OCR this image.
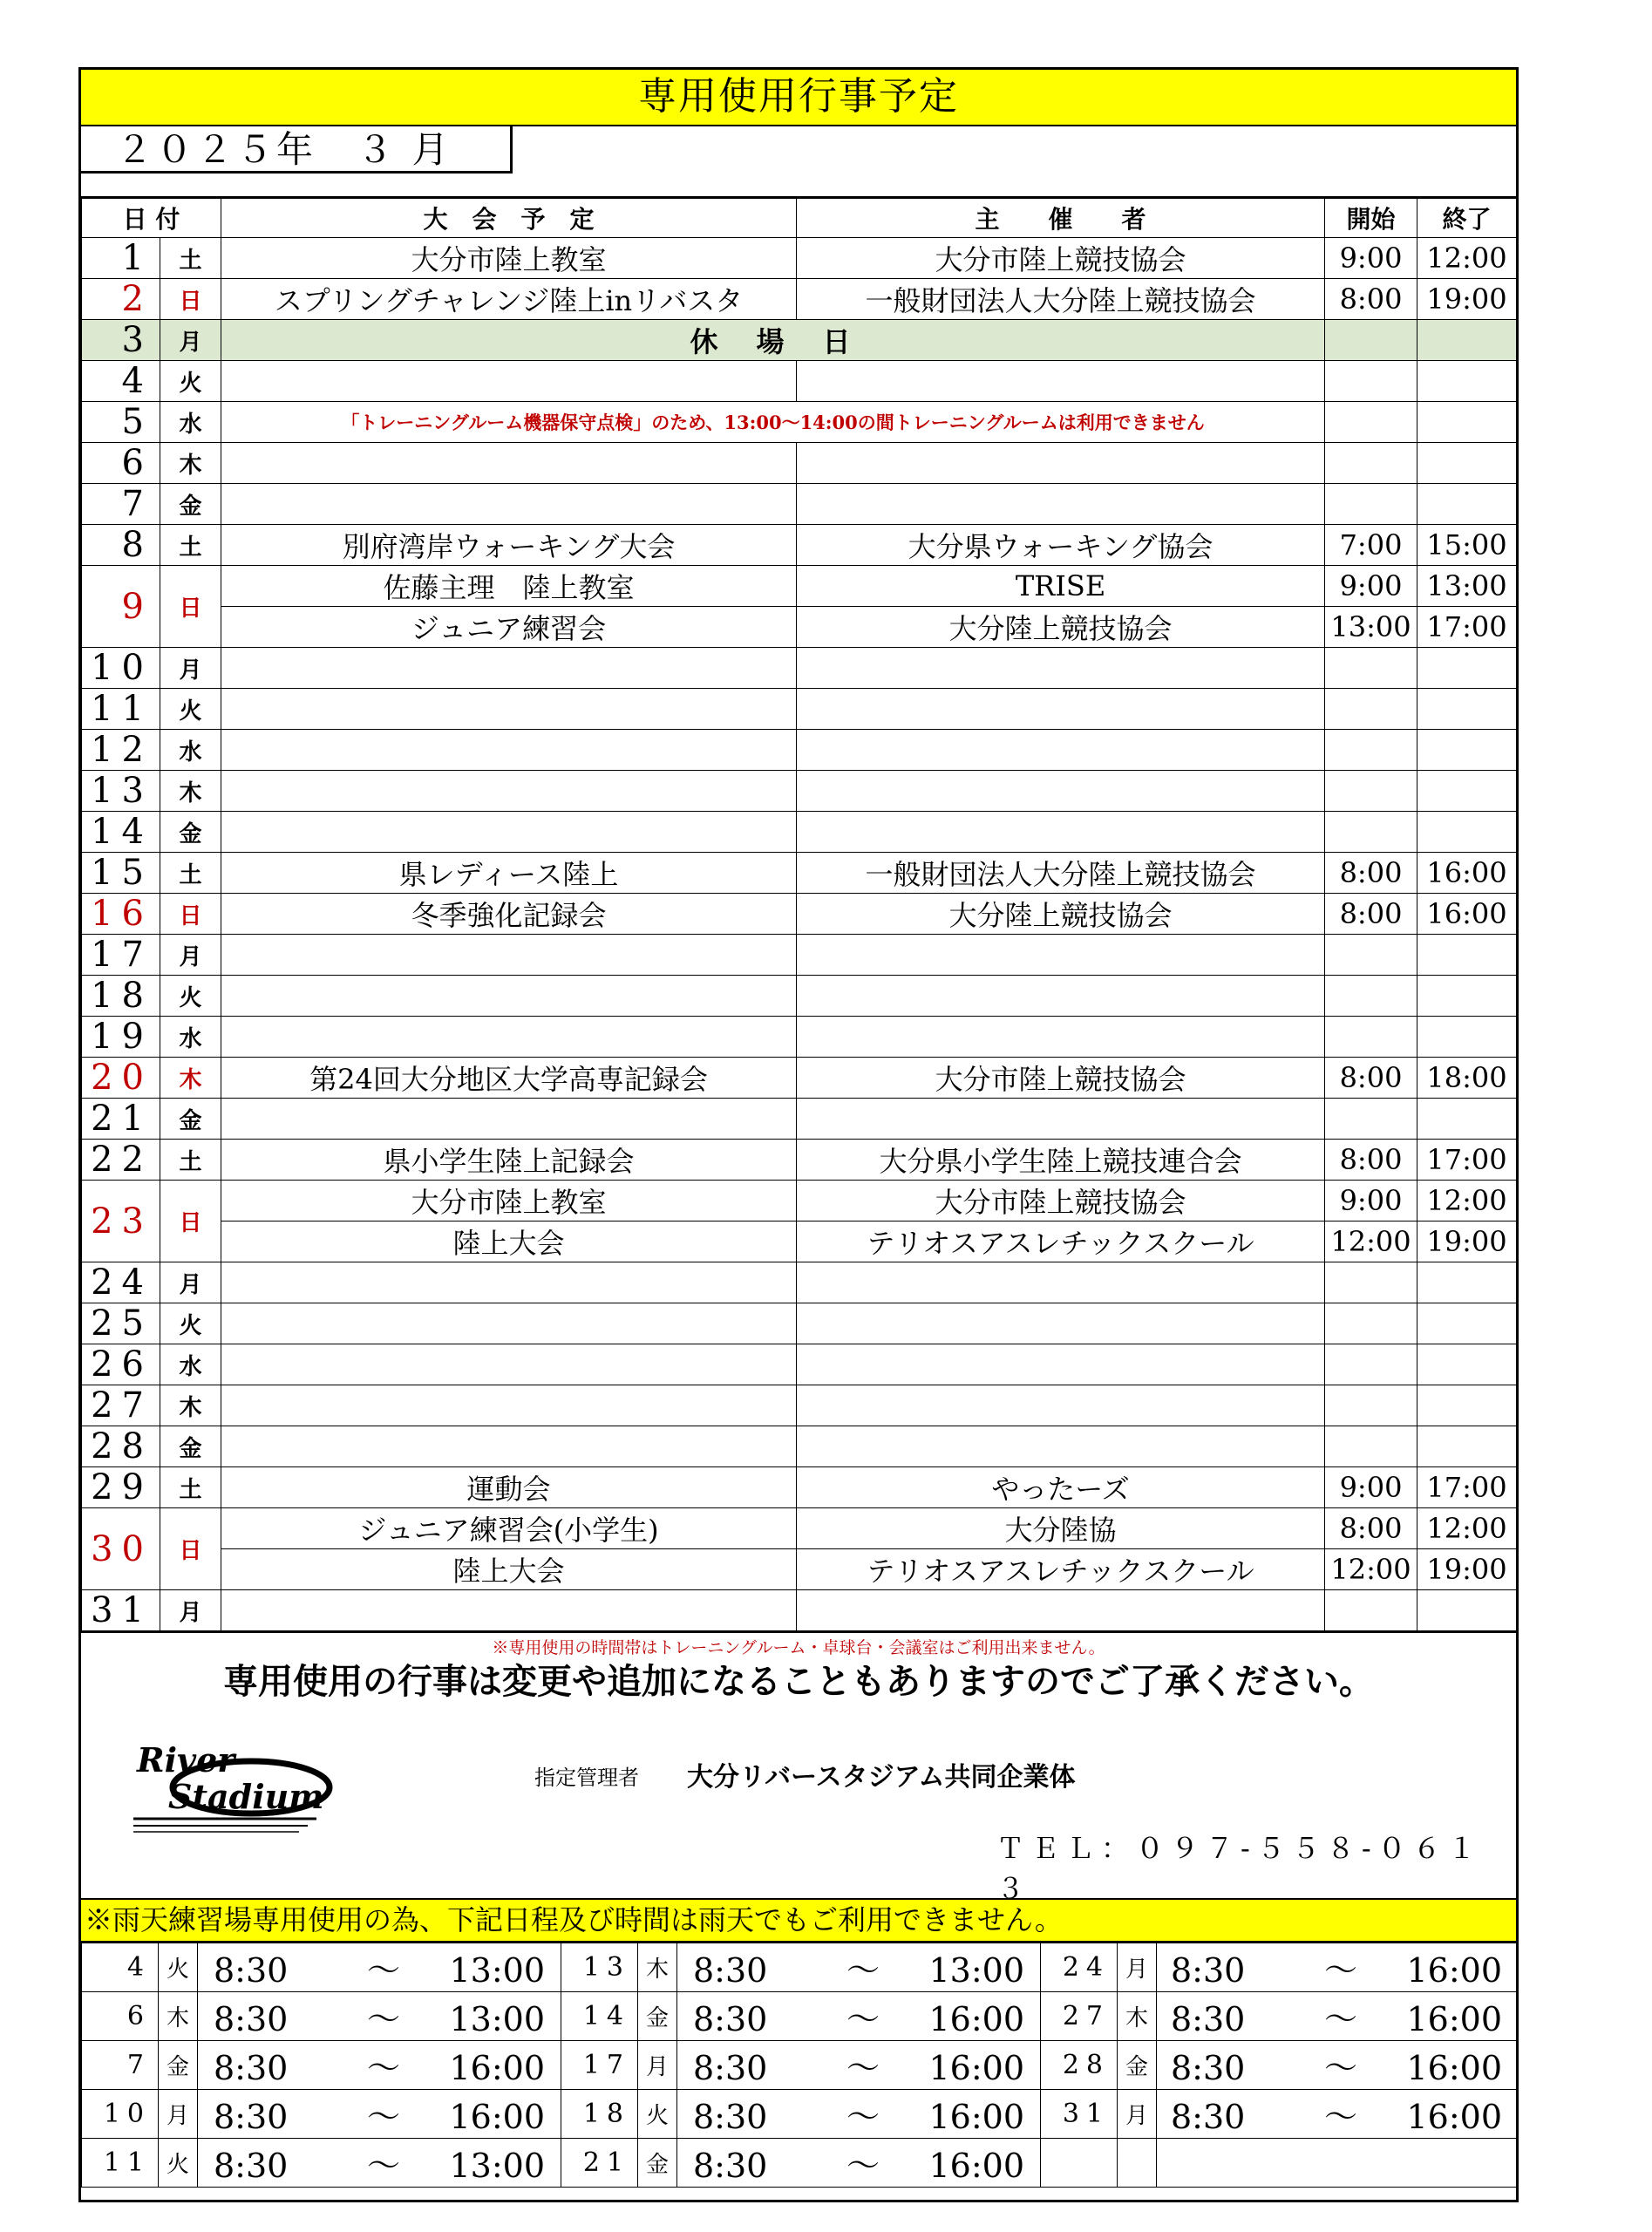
専用使用行事予定
２０２５年　３ 月
日 付		大　会　予　定	主　　催　　者	開始	終了
1	土	大分市陸上教室	大分市陸上競技協会	9:00	12:00
2	日	スプリングチャレンジ陸上inリバスタ	一般財団法人大分陸上競技協会	8:00	19:00
3	月	休　場　日			
4	火				
5	水	「トレーニングルーム機器保守点検」のため、13:00～14:00の間トレーニングルームは利用できません			
6	木				
7	金				
8	土	別府湾岸ウォーキング大会	大分県ウォーキング協会	7:00	15:00
9	日	佐藤主理　陸上教室	TRISE	9:00	13:00
		ジュニア練習会	大分陸上競技協会	13:00	17:00
10	月				
11	火				
12	水				
13	木				
14	金				
15	土	県レディース陸上	一般財団法人大分陸上競技協会	8:00	16:00
16	日	冬季強化記録会	大分陸上競技協会	8:00	16:00
17	月				
18	火				
19	水				
20	木	第24回大分地区大学高専記録会	大分市陸上競技協会	8:00	18:00
21	金				
22	土	県小学生陸上記録会	大分県小学生陸上競技連合会	8:00	17:00
23	日	大分市陸上教室	大分市陸上競技協会	9:00	12:00
		陸上大会	テリオスアスレチックスクール	12:00	19:00
24	月				
25	火				
26	水				
27	木				
28	金				
29	土	運動会	やったーズ	9:00	17:00
30	日	ジュニア練習会(小学生)	大分陸協	8:00	12:00
		陸上大会	テリオスアスレチックスクール	12:00	19:00
31	月				
※専用使用の時間帯はトレーニングルーム・卓球台・会議室はご利用出来ません。
専用使用の行事は変更や追加になることもありますのでご了承ください。
River
Stadium	指定管理者 大分リバースタジアム共同企業体
ＴＥＬ：０９７-５５８-０６１３
※雨天練習場専用使用の為、下記日程及び時間は雨天でもご利用できません。
4	火	8:30 ～ 13:00	13	木	8:30 ～ 13:00	24	月	8:30 ～ 16:00
6	木	8:30 ～ 13:00	14	金	8:30 ～ 16:00	27	木	8:30 ～ 16:00
7	金	8:30 ～ 16:00	17	月	8:30 ～ 16:00	28	金	8:30 ～ 16:00
10	月	8:30 ～ 16:00	18	火	8:30 ～ 16:00	31	月	8:30 ～ 16:00
11	火	8:30 ～ 13:00	21	金	8:30 ～ 16:00			
